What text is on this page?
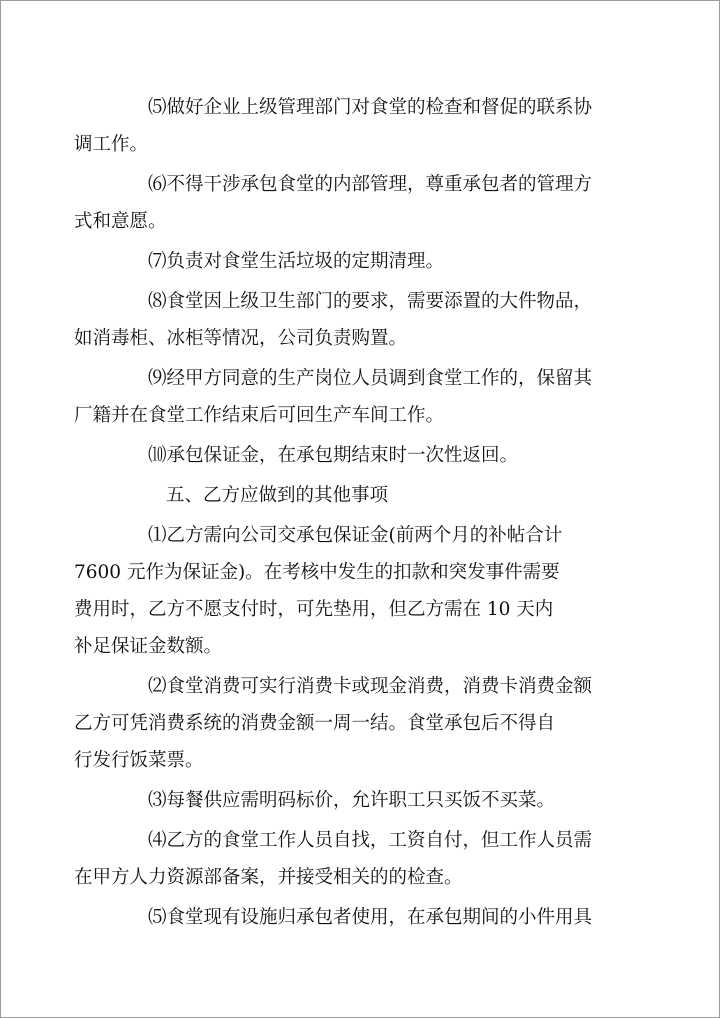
⑸做好企业上级管理部门对食堂的检查和督促的联系协
调工作。
⑹不得干涉承包食堂的内部管理，尊重承包者的管理方
式和意愿。
⑺负责对食堂生活垃圾的定期清理。
⑻食堂因上级卫生部门的要求，需要添置的大件物品，
如消毒柜、冰柜等情况，公司负责购置。
⑼经甲方同意的生产岗位人员调到食堂工作的，保留其
厂籍并在食堂工作结束后可回生产车间工作。
⑽承包保证金，在承包期结束时一次性返回。
五、乙方应做到的其他事项
⑴乙方需向公司交承包保证金(前两个月的补帖合计
7600 元作为保证金)。在考核中发生的扣款和突发事件需要
费用时，乙方不愿支付时，可先垫用，但乙方需在 10 天内
补足保证金数额。
⑵食堂消费可实行消费卡或现金消费，消费卡消费金额
乙方可凭消费系统的消费金额一周一结。食堂承包后不得自
行发行饭菜票。
⑶每餐供应需明码标价，允许职工只买饭不买菜。
⑷乙方的食堂工作人员自找，工资自付，但工作人员需
在甲方人力资源部备案，并接受相关的的检查。
⑸食堂现有设施归承包者使用，在承包期间的小件用具
